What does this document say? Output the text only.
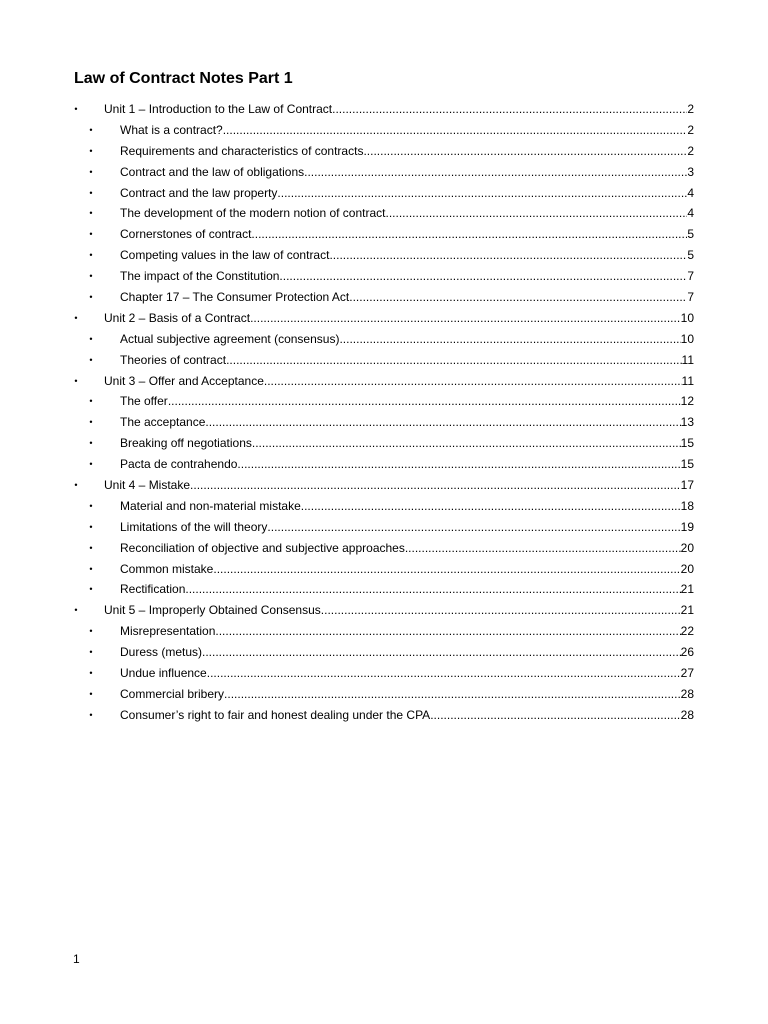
Law of Contract Notes Part 1
• Unit 1 – Introduction to the Law of Contract .....	2
• What is a contract? .....	2
• Requirements and characteristics of contracts .....	2
• Contract and the law of obligations .....	3
• Contract and the law property .....	4
• The development of the modern notion of contract .....	4
• Cornerstones of contract .....	5
• Competing values in the law of contract .....	5
• The impact of the Constitution .....	7
• Chapter 17 – The Consumer Protection Act .....	7
• Unit 2 – Basis of a Contract .....	10
• Actual subjective agreement (consensus) .....	10
• Theories of contract .....	11
• Unit 3 – Offer and Acceptance .....	11
• The offer .....	12
• The acceptance .....	13
• Breaking off negotiations .....	15
• Pacta de contrahendo .....	15
• Unit 4 – Mistake .....	17
• Material and non-material mistake .....	18
• Limitations of the will theory .....	19
• Reconciliation of objective and subjective approaches .....	20
• Common mistake .....	20
• Rectification .....	21
• Unit 5 – Improperly Obtained Consensus .....	21
• Misrepresentation .....	22
• Duress (metus) .....	26
• Undue influence .....	27
• Commercial bribery .....	28
• Consumer’s right to fair and honest dealing under the CPA .....	28
1
